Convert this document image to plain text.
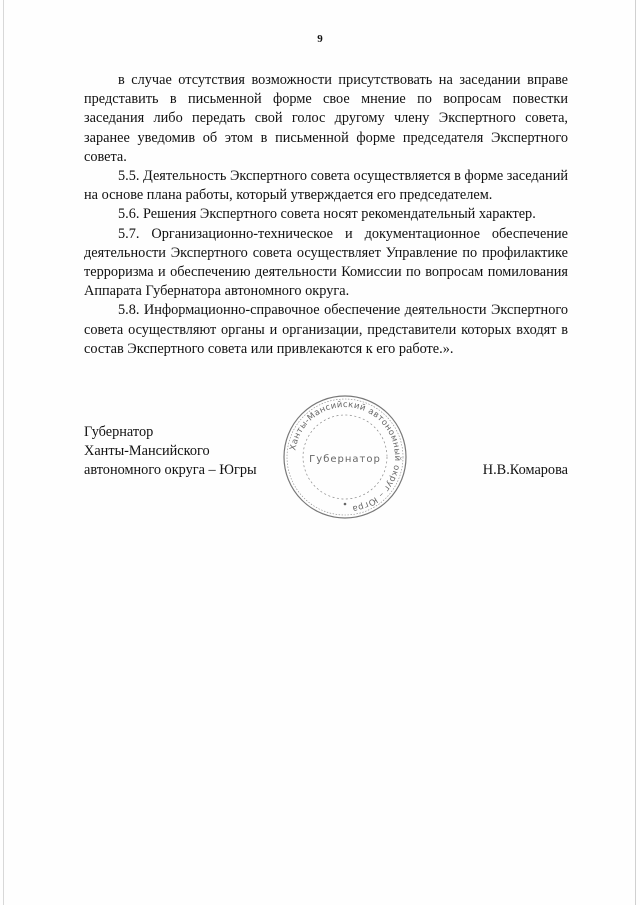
9

в случае отсутствия возможности присутствовать на заседании вправе представить в письменной форме свое мнение по вопросам повестки заседания либо передать свой голос другому члену Экспертного совета, заранее уведомив об этом в письменной форме председателя Экспертного совета.

5.5. Деятельность Экспертного совета осуществляется в форме заседаний на основе плана работы, который утверждается его председателем.

5.6. Решения Экспертного совета носят рекомендательный характер.

5.7. Организационно-техническое и документационное обеспечение деятельности Экспертного совета осуществляет Управление по профилактике терроризма и обеспечению деятельности Комиссии по вопросам помилования Аппарата Губернатора автономного округа.

5.8. Информационно-справочное обеспечение деятельности Экспертного совета осуществляют органы и организации, представители которых входят в состав Экспертного совета или привлекаются к его работе.».

Губернатор
Ханты-Мансийского
автономного округа – Югры	Н.В.Комарова
Ханты-Мансийский автономный округ – Югра
Губернатор
